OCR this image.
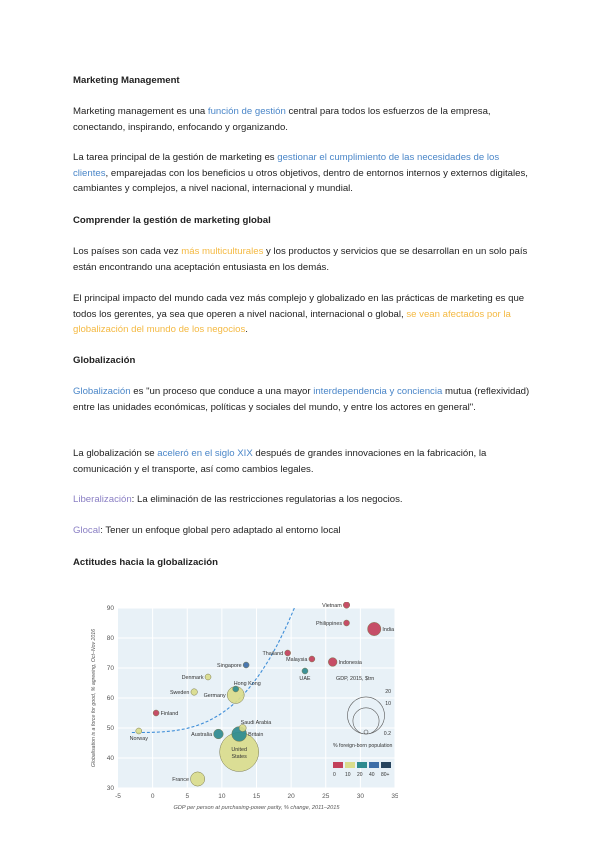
Marketing Management
Marketing management es una función de gestión central para todos los esfuerzos de la empresa, conectando, inspirando, enfocando y organizando.
La tarea principal de la gestión de marketing es gestionar el cumplimiento de las necesidades de los clientes, emparejadas con los beneficios u otros objetivos, dentro de entornos internos y externos digitales, cambiantes y complejos, a nivel nacional, internacional y mundial.
Comprender la gestión de marketing global
Los países son cada vez más multiculturales y los productos y servicios que se desarrollan en un solo país están encontrando una aceptación entusiasta en los demás.
El principal impacto del mundo cada vez más complejo y globalizado en las prácticas de marketing es que todos los gerentes, ya sea que operen a nivel nacional, internacional o global, se vean afectados por la globalización del mundo de los negocios.
Globalización
Globalización es "un proceso que conduce a una mayor interdependencia y conciencia mutua (reflexividad) entre las unidades económicas, políticas y sociales del mundo, y entre los actores en general".
La globalización se aceleró en el siglo XIX después de grandes innovaciones en la fabricación, la comunicación y el transporte, así como cambios legales.
Liberalización: La eliminación de las restricciones regulatorias a los negocios.
Glocal: Tener un enfoque global pero adaptado al entorno local
Actitudes hacia la globalización
-5	0	5	10	15	20	25	30	35
90
80
70
60
50
40
30
GDP per person at purchasing-power parity, % change, 2011–2015
Globalisation is a force for good, % agreeing, Oct–Nov 2016
Vietnam
Philippines
India
Thailand
Malaysia	Indonesia
Singapore
Denmark	UAE
Hong Kong
Sweden	Germany
Finland
Saudi Arabia
Australia	Britain
Norway
United
States
France
GDP, 2015, $trn
20
10
0.2
% foreign-born population
0 10 20 40 80+
